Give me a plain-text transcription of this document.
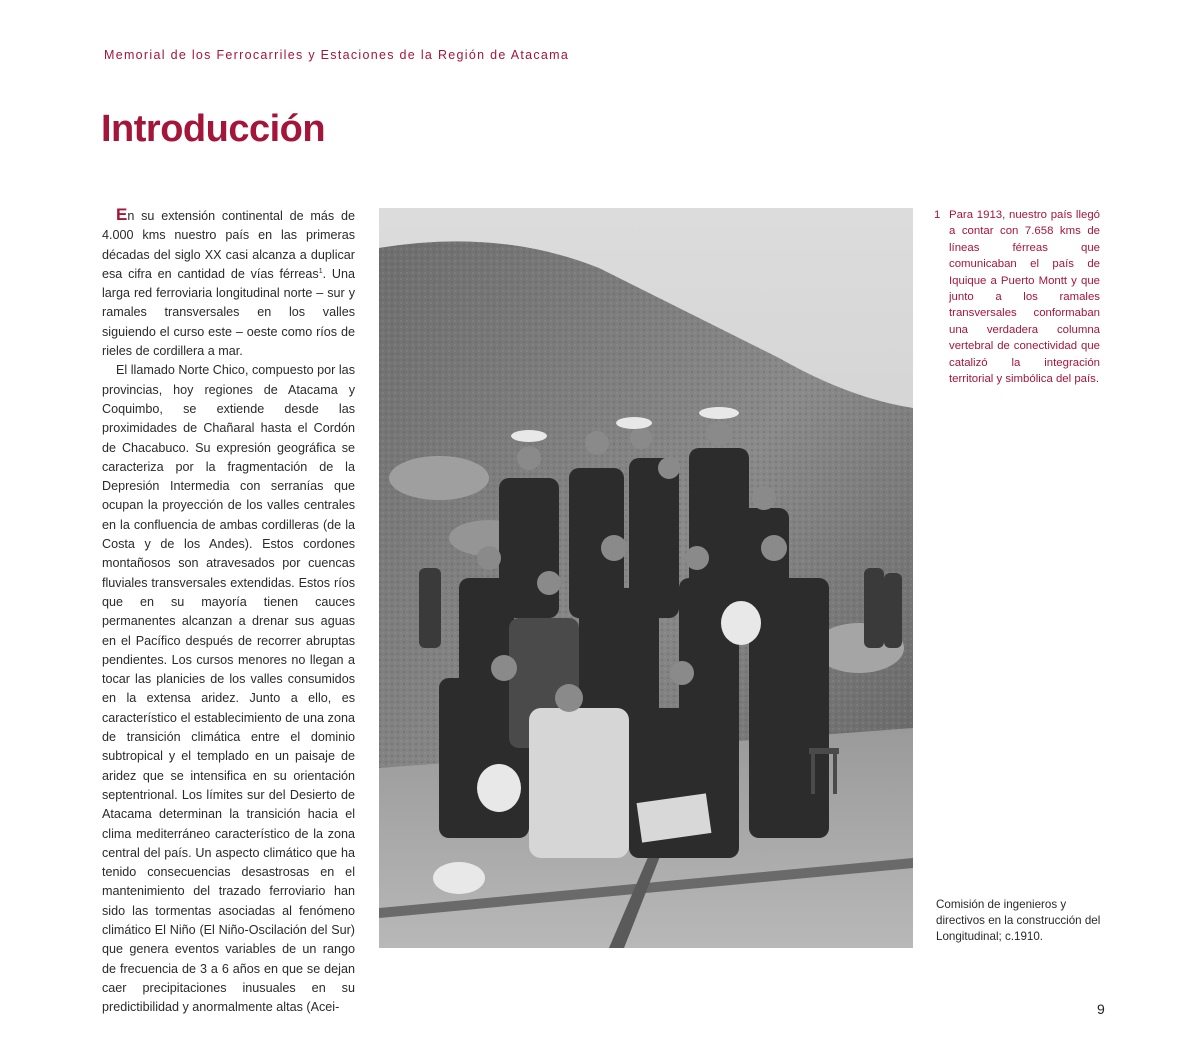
Memorial de los Ferrocarriles y Estaciones de la Región de Atacama
Introducción

En su extensión continental de más de 4.000 kms nuestro país en las primeras décadas del siglo XX casi alcanza a duplicar esa cifra en cantidad de vías férreas$^1$. Una larga red ferroviaria longitudinal norte – sur y ramales transversales en los valles siguiendo el curso este – oeste como ríos de rieles de cordillera a mar.

El llamado Norte Chico, compuesto por las provincias, hoy regiones de Atacama y Coquimbo, se extiende desde las proximidades de Chañaral hasta el Cordón de Chacabuco. Su expresión geográfica se caracteriza por la fragmentación de la Depresión Intermedia con serranías que ocupan la proyección de los valles centrales en la confluencia de ambas cordilleras (de la Costa y de los Andes). Estos cordones montañosos son atravesados por cuencas fluviales transversales extendidas. Estos ríos que en su mayoría tienen cauces permanentes alcanzan a drenar sus aguas en el Pacífico después de recorrer abruptas pendientes. Los cursos menores no llegan a tocar las planicies de los valles consumidos en la extensa aridez. Junto a ello, es característico el establecimiento de una zona de transición climática entre el dominio subtropical y el templado en un paisaje de aridez que se intensifica en su orientación septentrional. Los límites sur del Desierto de Atacama determinan la transición hacia el clima mediterráneo característico de la zona central del país. Un aspecto climático que ha tenido consecuencias desastrosas en el mantenimiento del trazado ferroviario han sido las tormentas asociadas al fenómeno climático El Niño (El Niño-Oscilación del Sur) que genera eventos variables de un rango de frecuencia de 3 a 6 años en que se dejan caer precipitaciones inusuales en su predictibilidad y anormalmente altas (Acei-

1 Para 1913, nuestro país llegó a contar con 7.658 kms de líneas férreas que comunicaban el país de Iquique a Puerto Montt y que junto a los ramales transversales conformaban una verdadera columna vertebral de conectividad que catalizó la integración territorial y simbólica del país.
Comisión de ingenieros y directivos en la construcción del Longitudinal; c.1910.
9
